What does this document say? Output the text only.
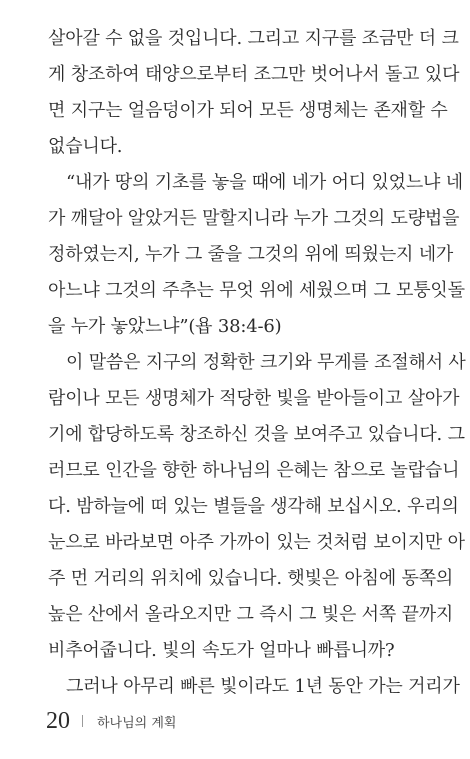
살아갈 수 없을 것입니다. 그리고 지구를 조금만 더 크
게 창조하여 태양으로부터 조그만 벗어나서 돌고 있다
면 지구는 얼음덩이가 되어 모든 생명체는 존재할 수
없습니다.
“내가 땅의 기초를 놓을 때에 네가 어디 있었느냐 네
가 깨달아 알았거든 말할지니라 누가 그것의 도량법을
정하였는지, 누가 그 줄을 그것의 위에 띄웠는지 네가
아느냐 그것의 주추는 무엇 위에 세웠으며 그 모퉁잇돌
을 누가 놓았느냐”(욥 38:4-6)
이 말씀은 지구의 정확한 크기와 무게를 조절해서 사
람이나 모든 생명체가 적당한 빛을 받아들이고 살아가
기에 합당하도록 창조하신 것을 보여주고 있습니다. 그
러므로 인간을 향한 하나님의 은혜는 참으로 놀랍습니
다. 밤하늘에 떠 있는 별들을 생각해 보십시오. 우리의
눈으로 바라보면 아주 가까이 있는 것처럼 보이지만 아
주 먼 거리의 위치에 있습니다. 햇빛은 아침에 동쪽의
높은 산에서 올라오지만 그 즉시 그 빛은 서쪽 끝까지
비추어줍니다. 빛의 속도가 얼마나 빠릅니까?
그러나 아무리 빠른 빛이라도 1년 동안 가는 거리가
20 하나님의 계획
